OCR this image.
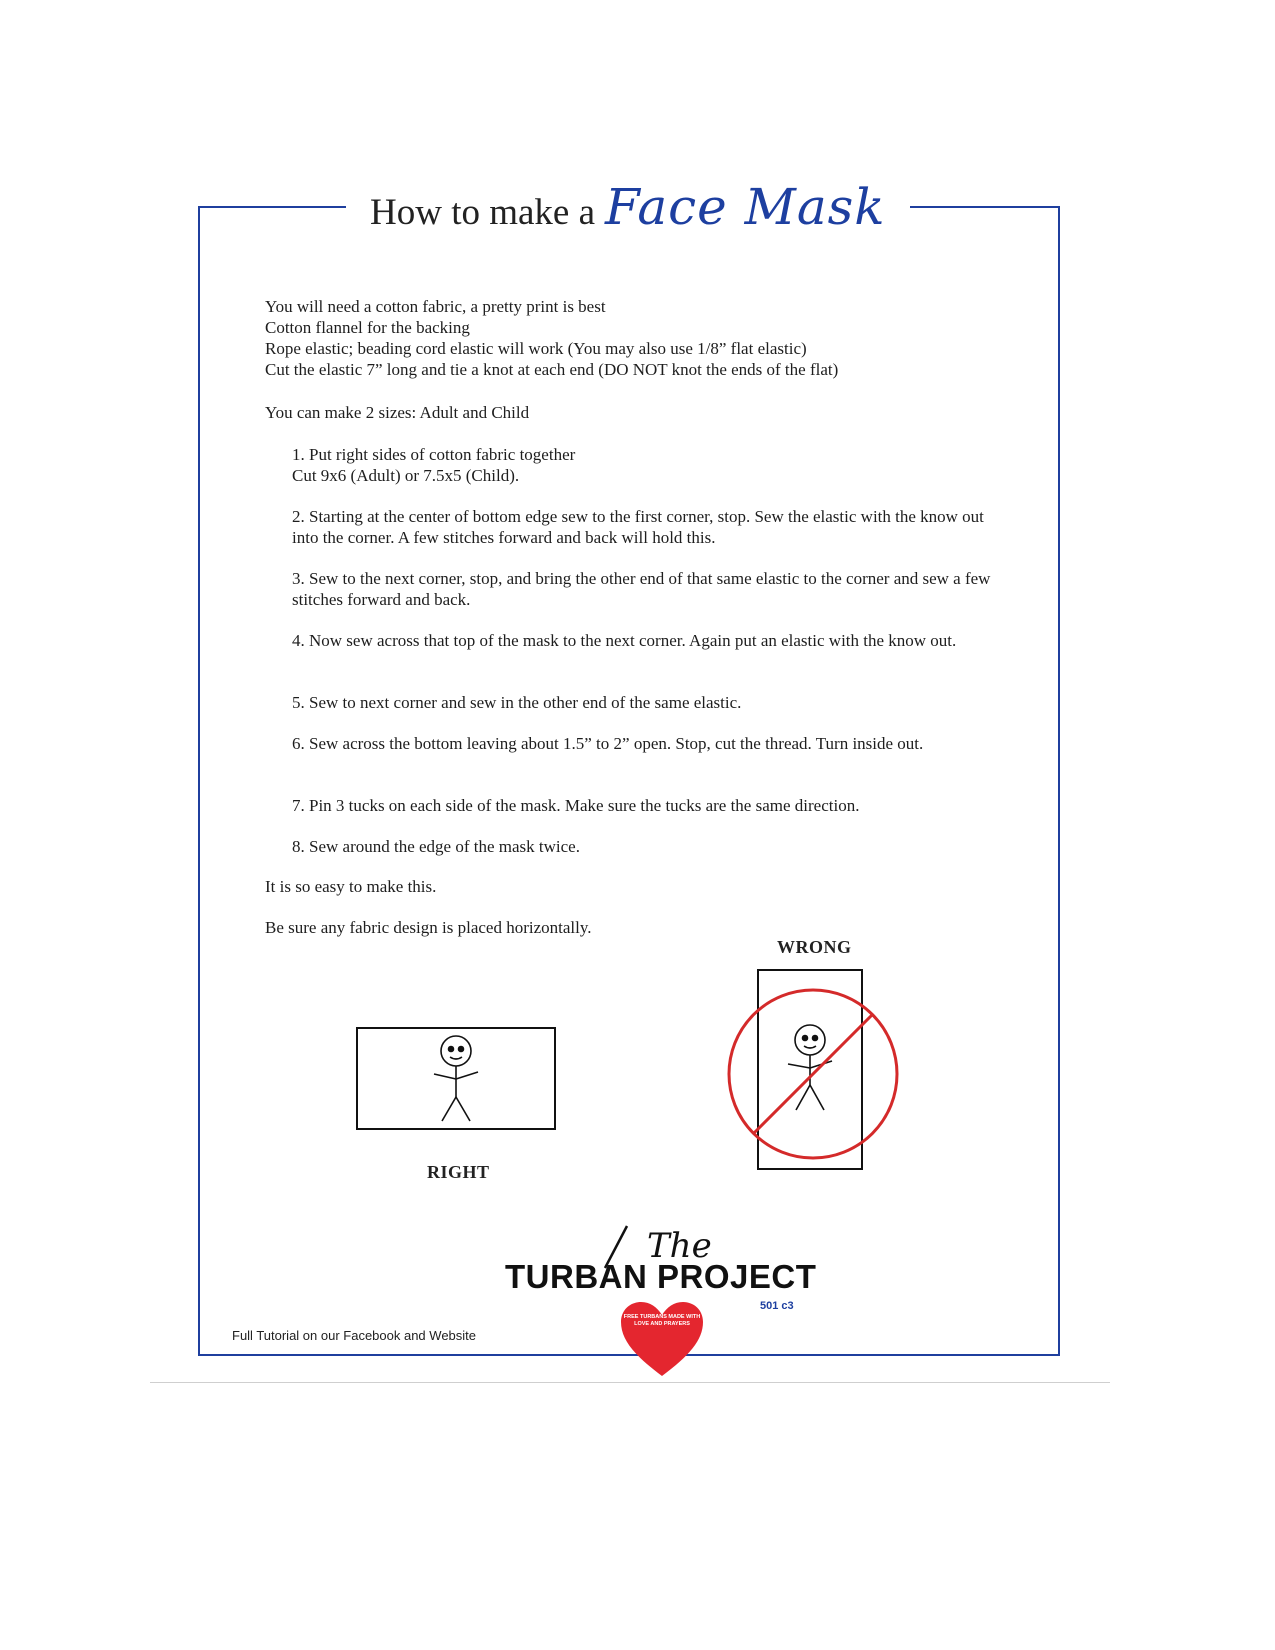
How to make a Face Mask
You will need a cotton fabric, a pretty print is best
Cotton flannel for the backing
Rope elastic; beading cord elastic will work (You may also use 1/8” flat elastic)
Cut the elastic 7” long and tie a knot at each end (DO NOT knot the ends of the flat)
You can make 2 sizes: Adult and Child
1. Put right sides of cotton fabric together
Cut 9x6 (Adult) or 7.5x5 (Child).
2. Starting at the center of bottom edge sew to the first corner, stop. Sew the elastic with the know out into the corner. A few stitches forward and back will hold this.
3. Sew to the next corner, stop, and bring the other end of that same elastic to the corner and sew a few stitches forward and back.
4. Now sew across that top of the mask to the next corner. Again put an elastic with the know out.
5. Sew to next corner and sew in the other end of the same elastic.
6. Sew across the bottom leaving about 1.5” to 2” open. Stop, cut the thread. Turn inside out.
7. Pin 3 tucks on each side of the mask. Make sure the tucks are the same direction.
8. Sew around the edge of the mask twice.
It is so easy to make this.
Be sure any fabric design is placed horizontally.
WRONG
RIGHT
The
TURBAN PROJECT
501 c3
FREE TURBANS MADE WITH LOVE AND PRAYERS
Full Tutorial on our Facebook and Website
